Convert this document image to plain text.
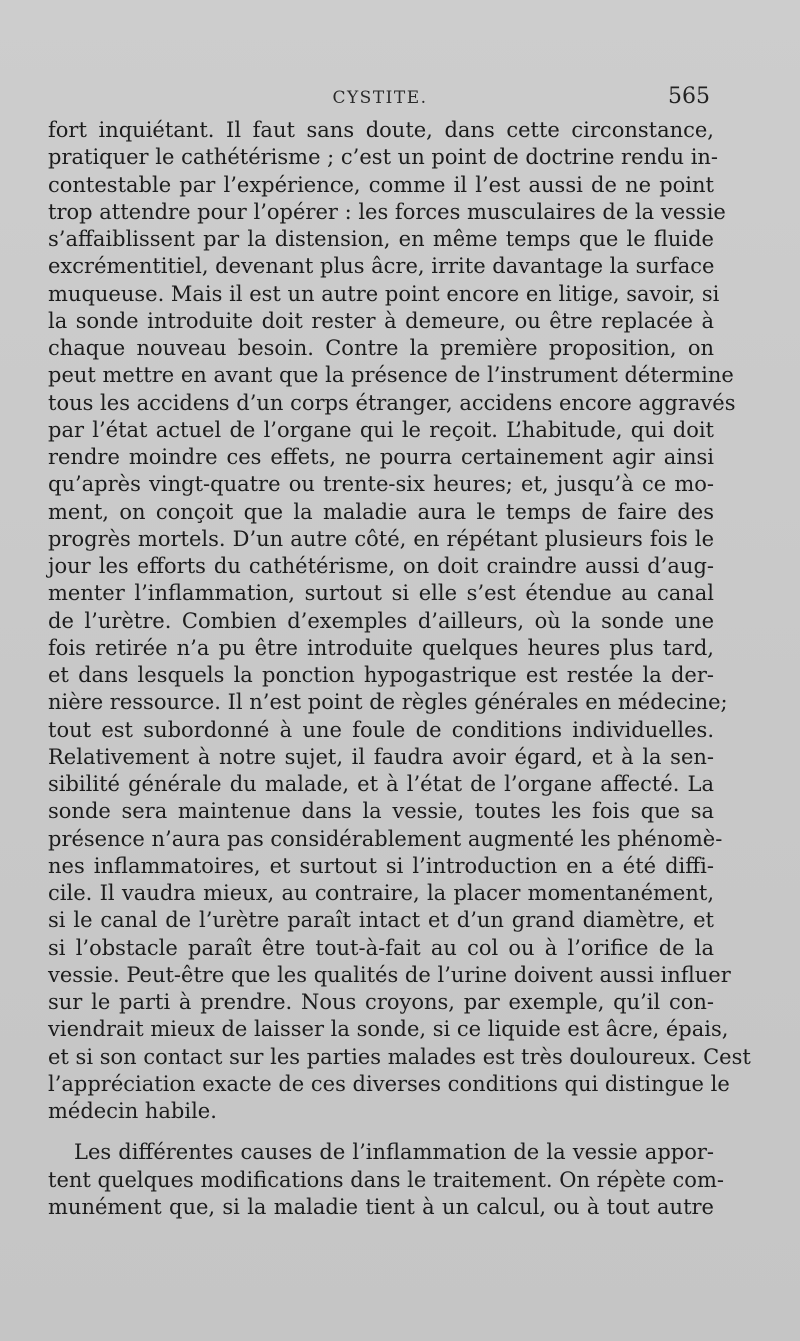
CYSTITE.	565
fort inquiétant. Il faut sans doute, dans cette circonstance,
pratiquer le cathétérisme ; c’est un point de doctrine rendu in-
contestable par l’expérience, comme il l’est aussi de ne point
trop attendre pour l’opérer : les forces musculaires de la vessie
s’affaiblissent par la distension, en même temps que le fluide
excrémentitiel, devenant plus âcre, irrite davantage la surface
muqueuse. Mais il est un autre point encore en litige, savoir, si
la sonde introduite doit rester à demeure, ou être replacée à
chaque nouveau besoin. Contre la première proposition, on
peut mettre en avant que la présence de l’instrument détermine
tous les accidens d’un corps étranger, accidens encore aggravés
par l’état actuel de l’organe qui le reçoit. L’habitude, qui doit
rendre moindre ces effets, ne pourra certainement agir ainsi
qu’après vingt-quatre ou trente-six heures; et, jusqu’à ce mo-
ment, on conçoit que la maladie aura le temps de faire des
progrès mortels. D’un autre côté, en répétant plusieurs fois le
jour les efforts du cathétérisme, on doit craindre aussi d’aug-
menter l’inflammation, surtout si elle s’est étendue au canal
de l’urètre. Combien d’exemples d’ailleurs, où la sonde une
fois retirée n’a pu être introduite quelques heures plus tard,
et dans lesquels la ponction hypogastrique est restée la der-
nière ressource. Il n’est point de règles générales en médecine;
tout est subordonné à une foule de conditions individuelles.
Relativement à notre sujet, il faudra avoir égard, et à la sen-
sibilité générale du malade, et à l’état de l’organe affecté. La
sonde sera maintenue dans la vessie, toutes les fois que sa
présence n’aura pas considérablement augmenté les phénomè-
nes inflammatoires, et surtout si l’introduction en a été diffi-
cile. Il vaudra mieux, au contraire, la placer momentanément,
si le canal de l’urètre paraît intact et d’un grand diamètre, et
si l’obstacle paraît être tout-à-fait au col ou à l’orifice de la
vessie. Peut-être que les qualités de l’urine doivent aussi influer
sur le parti à prendre. Nous croyons, par exemple, qu’il con-
viendrait mieux de laisser la sonde, si ce liquide est âcre, épais,
et si son contact sur les parties malades est très douloureux. Cest
l’appréciation exacte de ces diverses conditions qui distingue le
médecin habile.
Les différentes causes de l’inflammation de la vessie appor-
tent quelques modifications dans le traitement. On répète com-
munément que, si la maladie tient à un calcul, ou à tout autre
